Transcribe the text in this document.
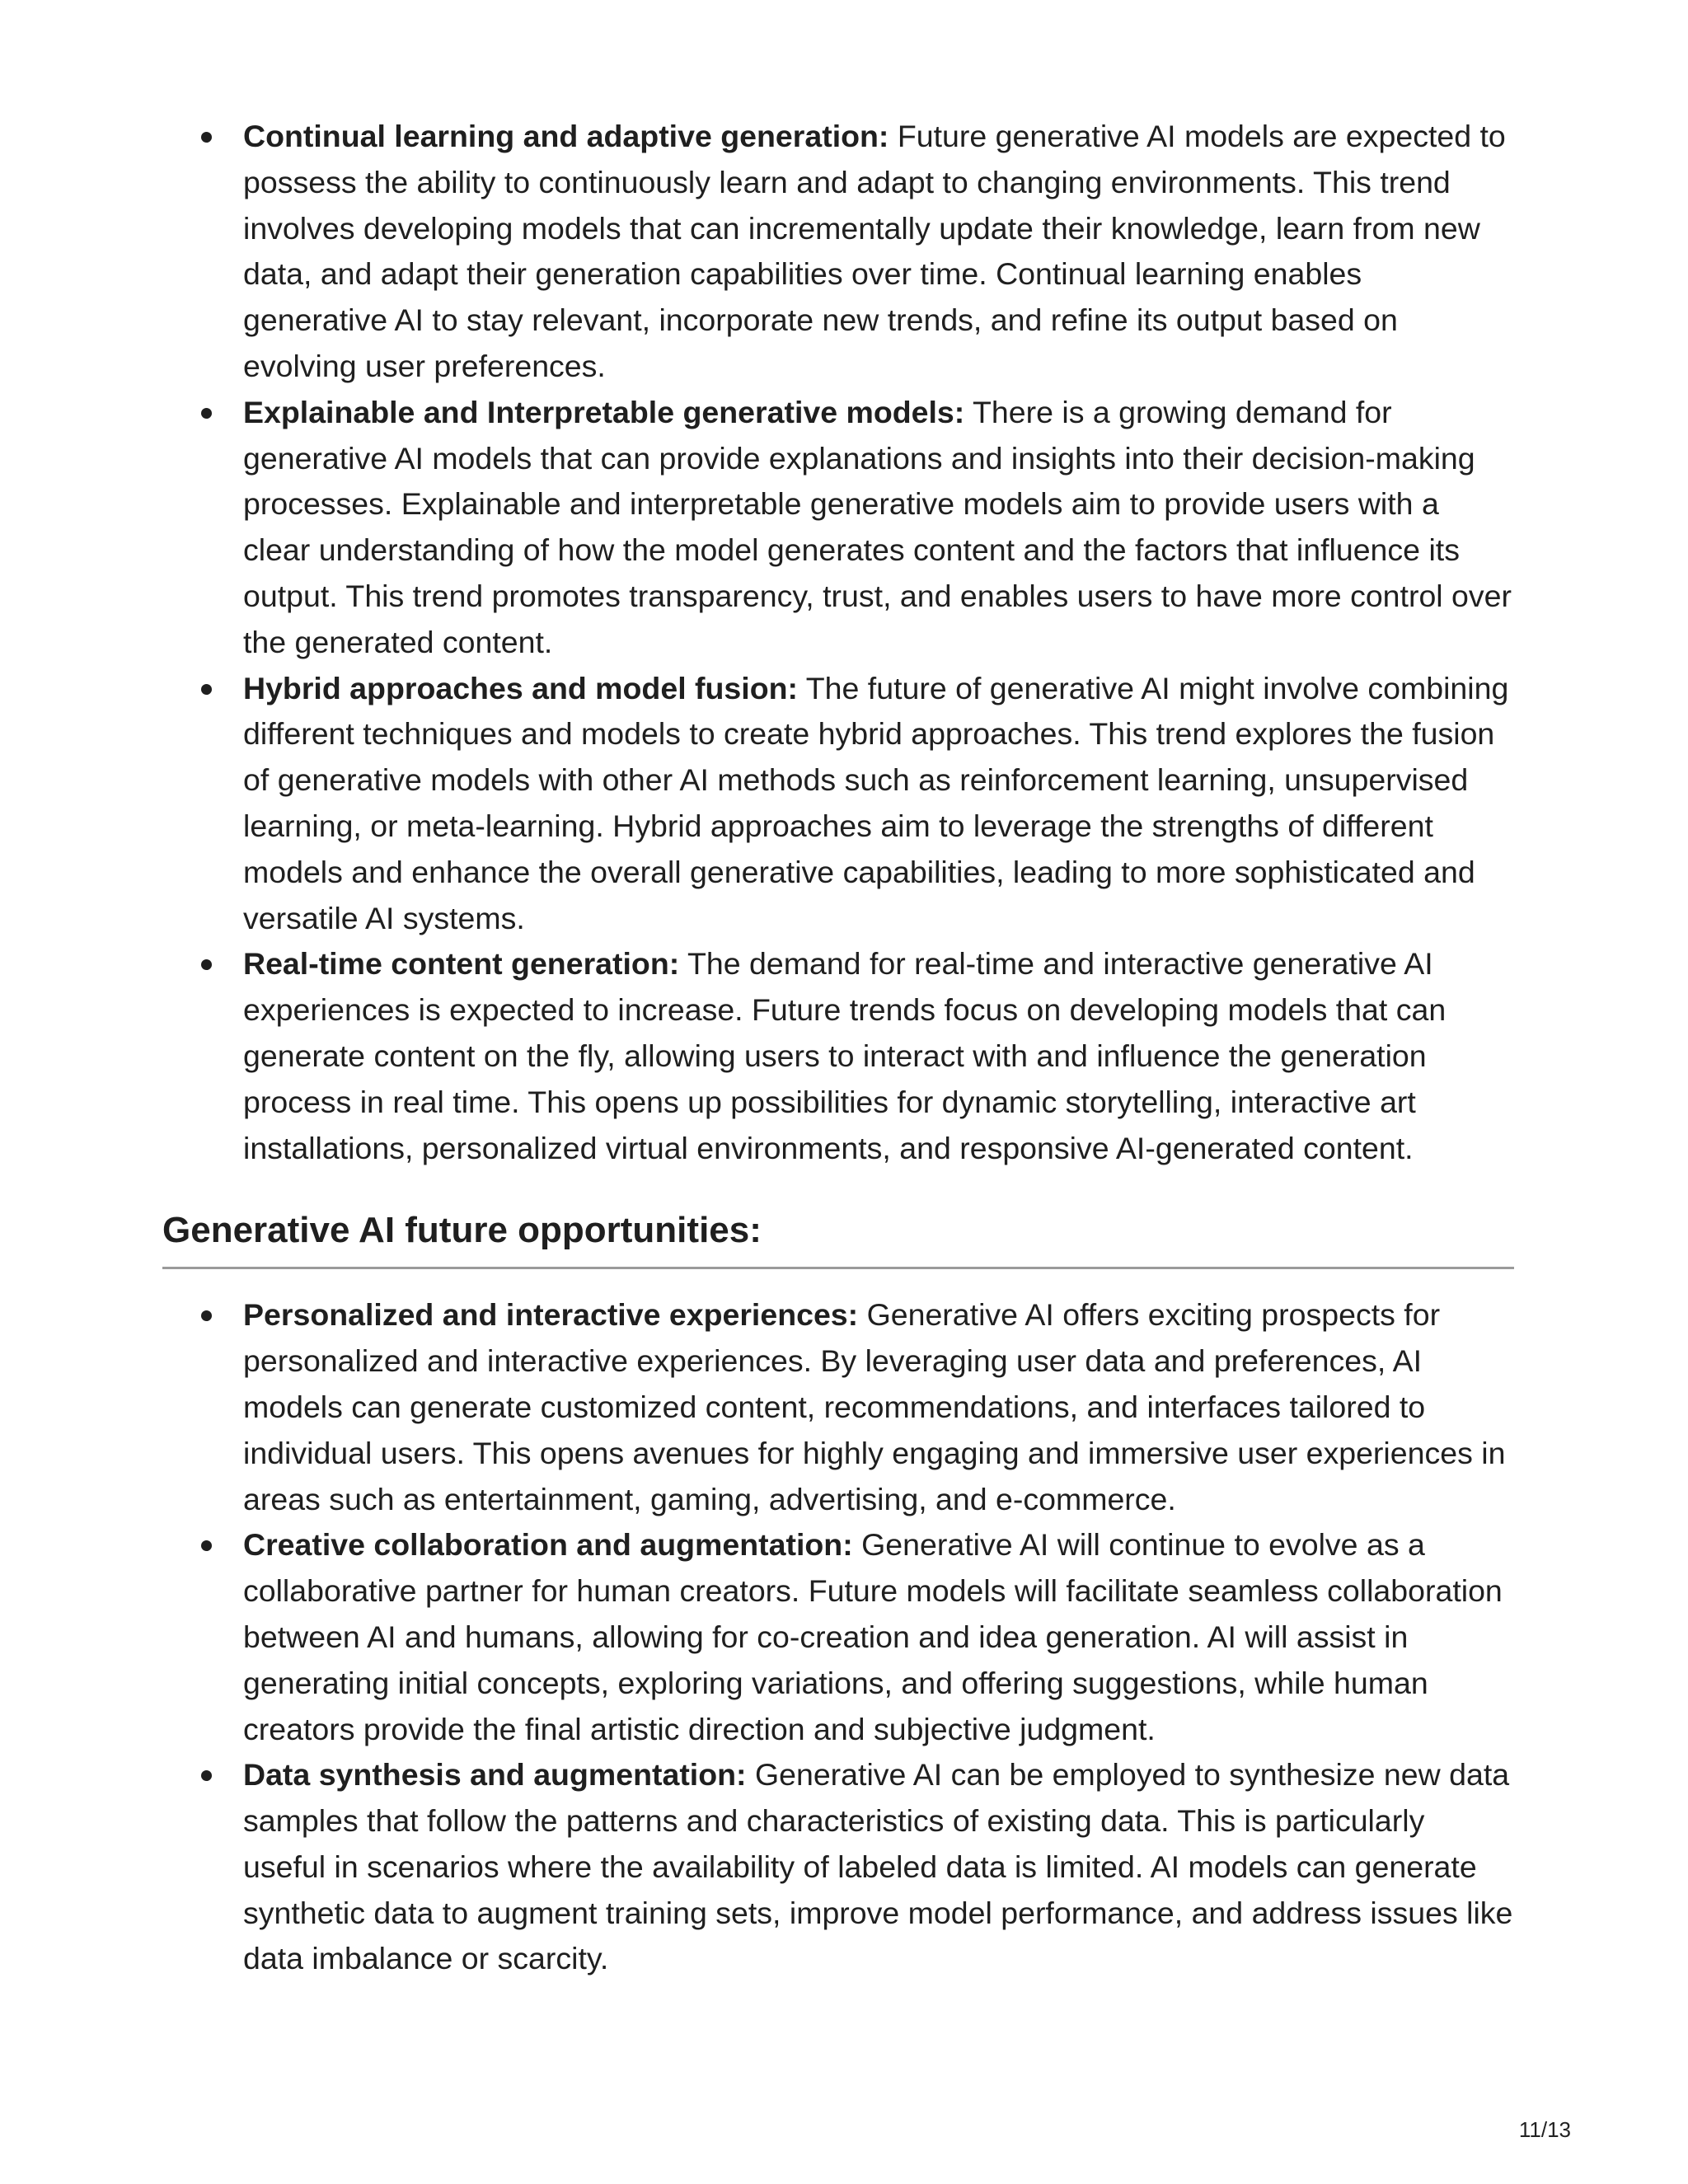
Continual learning and adaptive generation: Future generative AI models are expected to possess the ability to continuously learn and adapt to changing environments. This trend involves developing models that can incrementally update their knowledge, learn from new data, and adapt their generation capabilities over time. Continual learning enables generative AI to stay relevant, incorporate new trends, and refine its output based on evolving user preferences.
Explainable and Interpretable generative models: There is a growing demand for generative AI models that can provide explanations and insights into their decision-making processes. Explainable and interpretable generative models aim to provide users with a clear understanding of how the model generates content and the factors that influence its output. This trend promotes transparency, trust, and enables users to have more control over the generated content.
Hybrid approaches and model fusion: The future of generative AI might involve combining different techniques and models to create hybrid approaches. This trend explores the fusion of generative models with other AI methods such as reinforcement learning, unsupervised learning, or meta-learning. Hybrid approaches aim to leverage the strengths of different models and enhance the overall generative capabilities, leading to more sophisticated and versatile AI systems.
Real-time content generation: The demand for real-time and interactive generative AI experiences is expected to increase. Future trends focus on developing models that can generate content on the fly, allowing users to interact with and influence the generation process in real time. This opens up possibilities for dynamic storytelling, interactive art installations, personalized virtual environments, and responsive AI-generated content.
Generative AI future opportunities:
Personalized and interactive experiences: Generative AI offers exciting prospects for personalized and interactive experiences. By leveraging user data and preferences, AI models can generate customized content, recommendations, and interfaces tailored to individual users. This opens avenues for highly engaging and immersive user experiences in areas such as entertainment, gaming, advertising, and e-commerce.
Creative collaboration and augmentation: Generative AI will continue to evolve as a collaborative partner for human creators. Future models will facilitate seamless collaboration between AI and humans, allowing for co-creation and idea generation. AI will assist in generating initial concepts, exploring variations, and offering suggestions, while human creators provide the final artistic direction and subjective judgment.
Data synthesis and augmentation: Generative AI can be employed to synthesize new data samples that follow the patterns and characteristics of existing data. This is particularly useful in scenarios where the availability of labeled data is limited. AI models can generate synthetic data to augment training sets, improve model performance, and address issues like data imbalance or scarcity.
11/13
